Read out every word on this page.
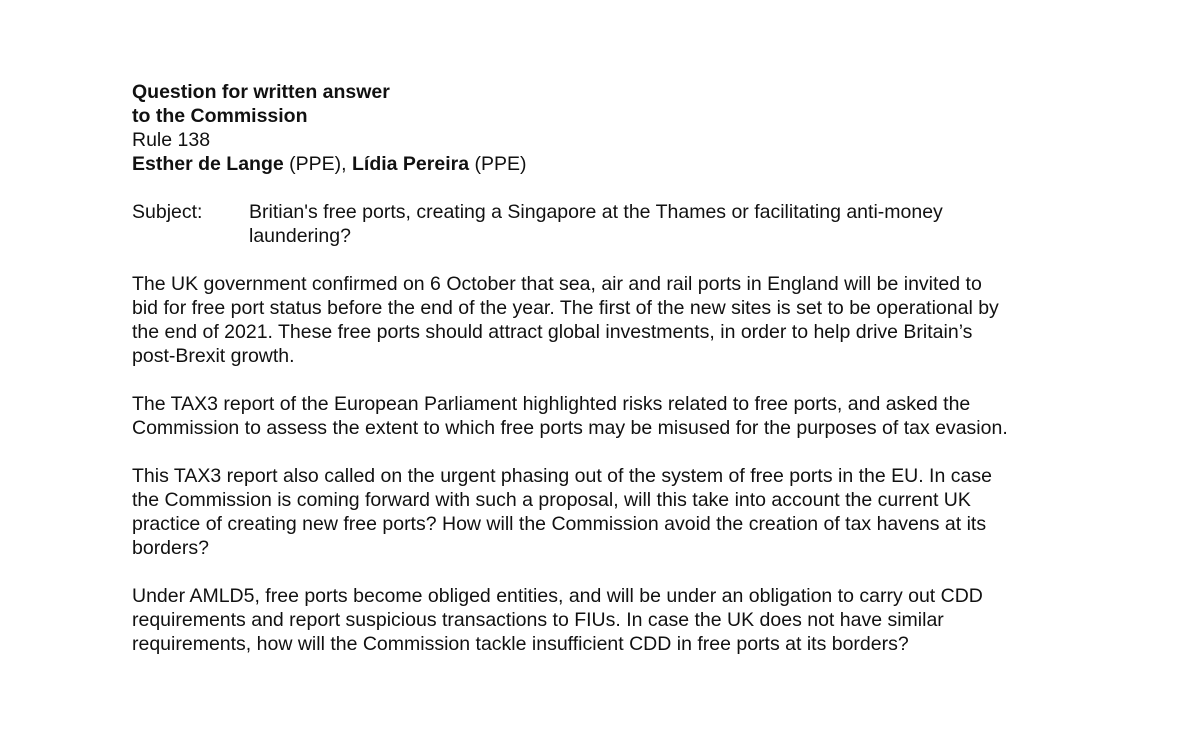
Question for written answer
to the Commission
Rule 138
Esther de Lange (PPE), Lídia Pereira (PPE)
Subject:	Britian's free ports, creating a Singapore at the Thames or facilitating anti-money
laundering?
The UK government confirmed on 6 October that sea, air and rail ports in England will be invited to
bid for free port status before the end of the year. The first of the new sites is set to be operational by
the end of 2021. These free ports should attract global investments, in order to help drive Britain’s
post-Brexit growth.
The TAX3 report of the European Parliament highlighted risks related to free ports, and asked the
Commission to assess the extent to which free ports may be misused for the purposes of tax evasion.
This TAX3 report also called on the urgent phasing out of the system of free ports in the EU. In case
the Commission is coming forward with such a proposal, will this take into account the current UK
practice of creating new free ports? How will the Commission avoid the creation of tax havens at its
borders?
Under AMLD5, free ports become obliged entities, and will be under an obligation to carry out CDD
requirements and report suspicious transactions to FIUs. In case the UK does not have similar
requirements, how will the Commission tackle insufficient CDD in free ports at its borders?
